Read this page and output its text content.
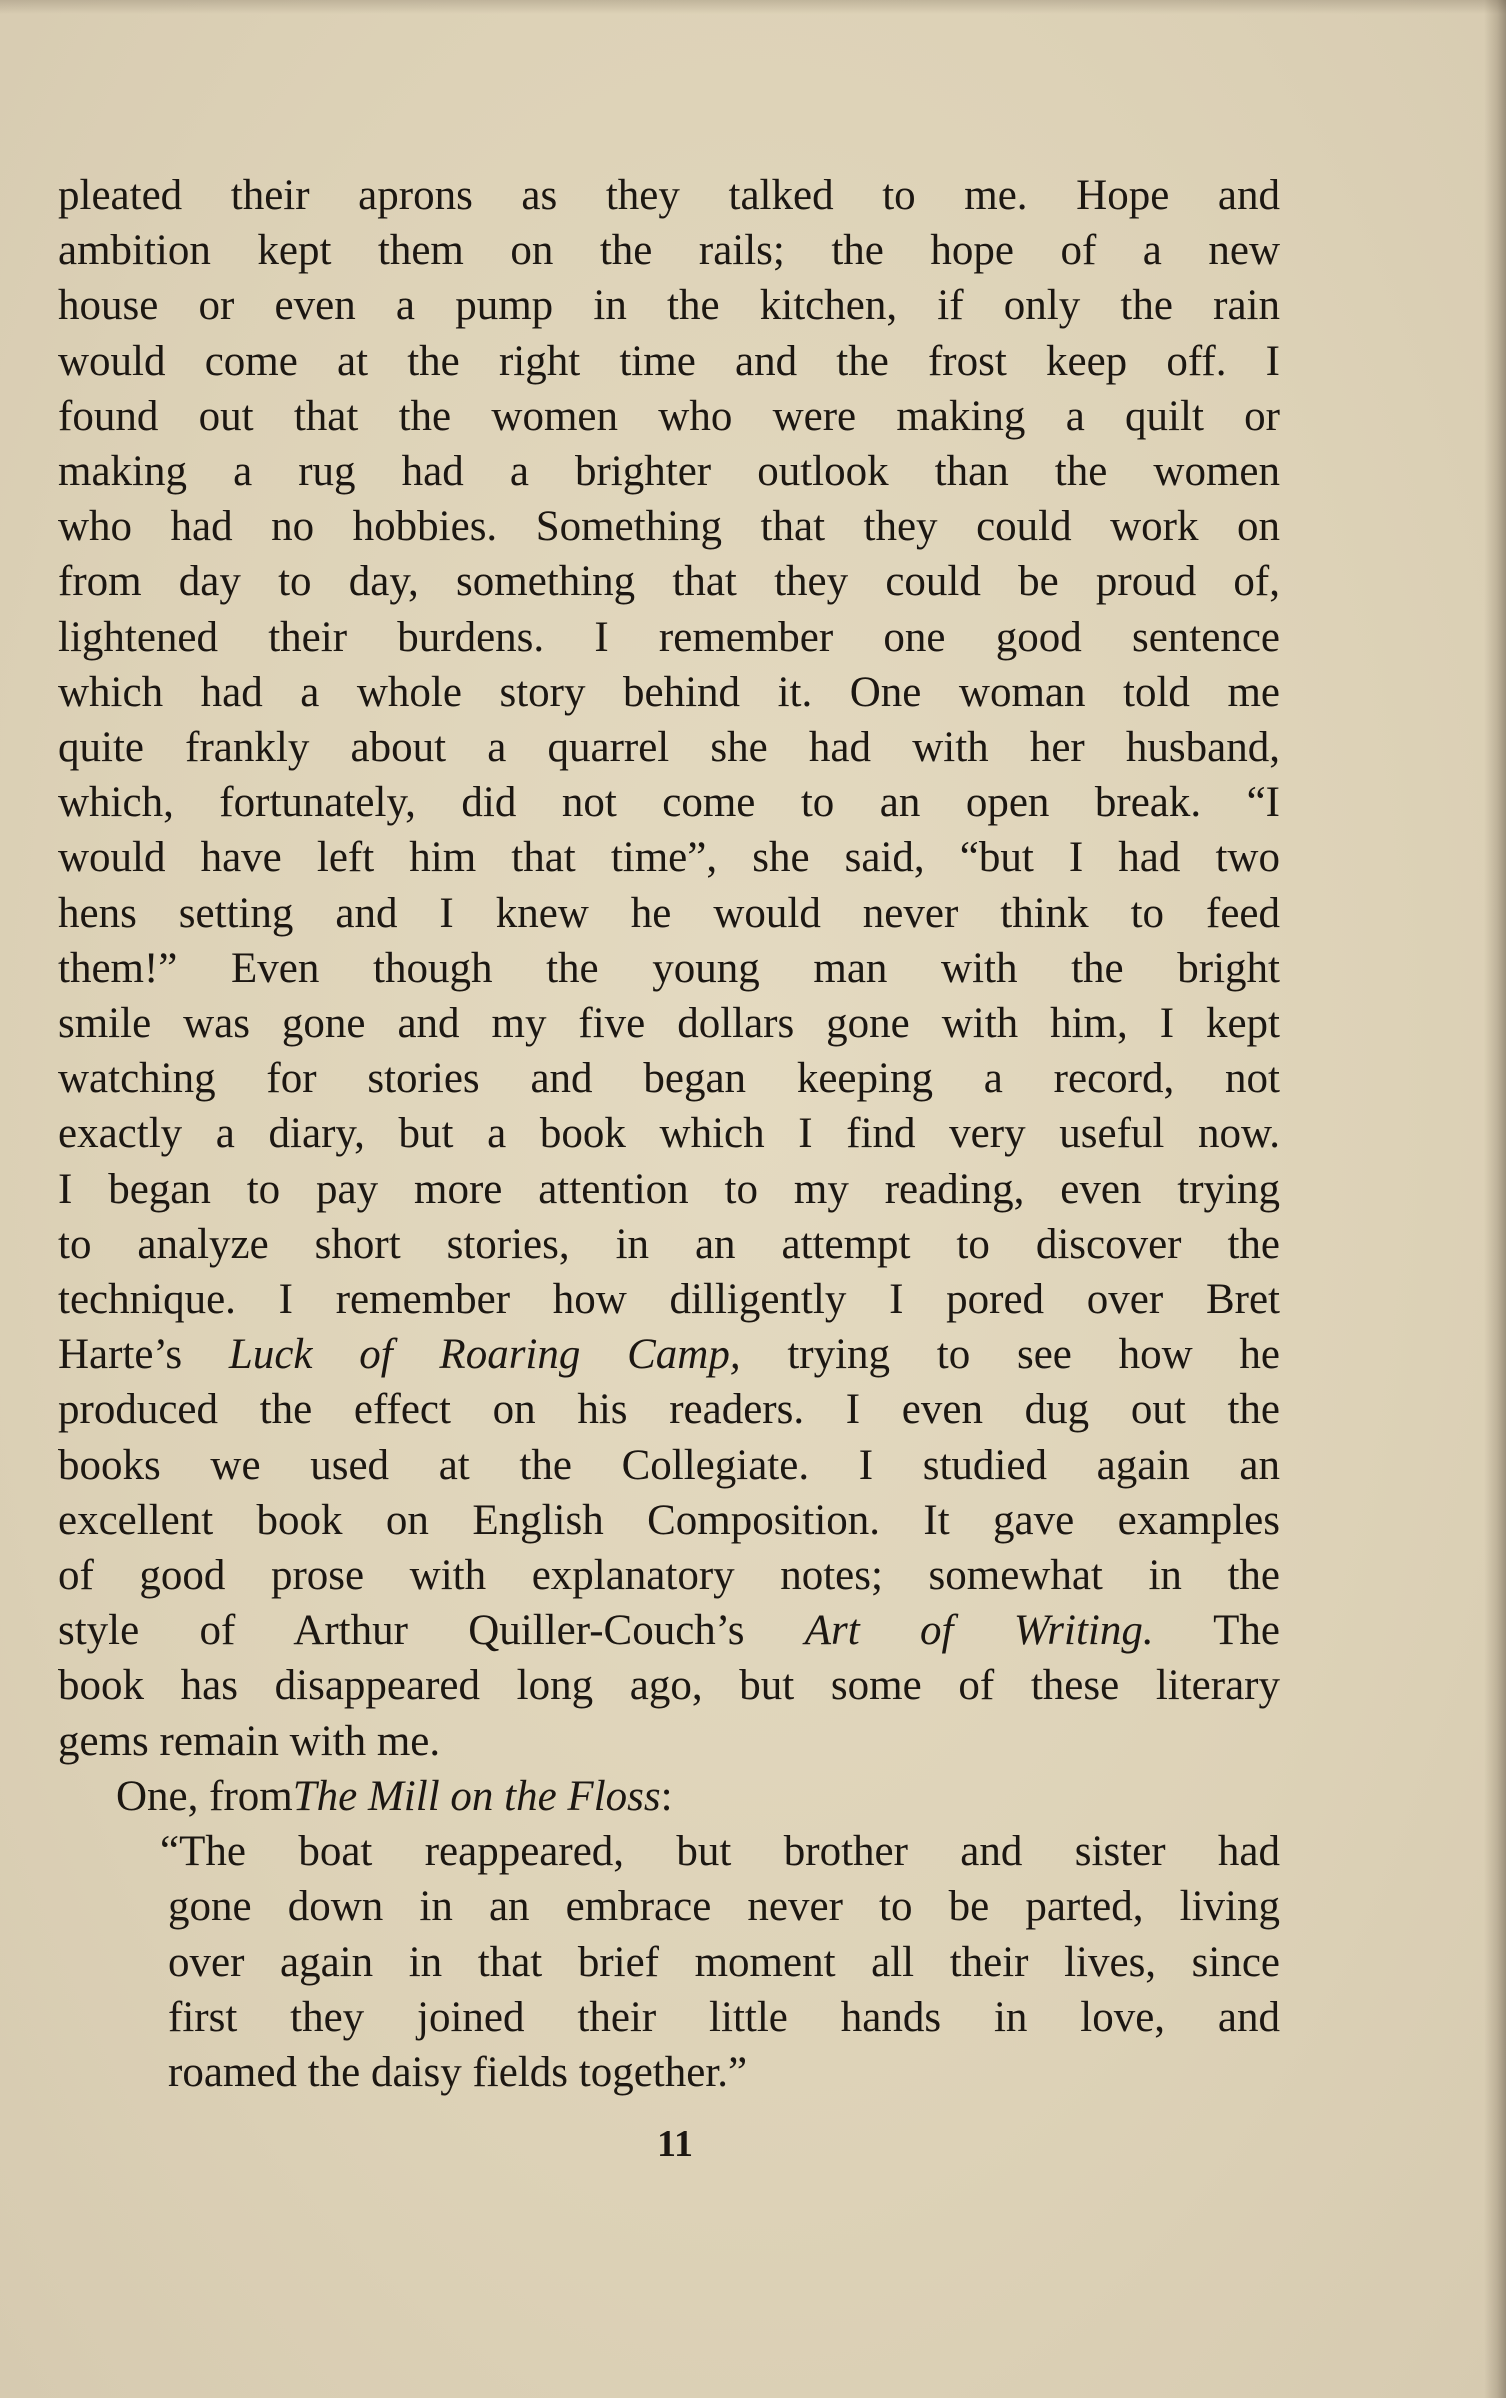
pleated their aprons as they talked to me. Hope and
ambition kept them on the rails; the hope of a new
house or even a pump in the kitchen, if only the rain
would come at the right time and the frost keep off. I
found out that the women who were making a quilt or
making a rug had a brighter outlook than the women
who had no hobbies. Something that they could work on
from day to day, something that they could be proud of,
lightened their burdens. I remember one good sentence
which had a whole story behind it. One woman told me
quite frankly about a quarrel she had with her husband,
which, fortunately, did not come to an open break. “I
would have left him that time”, she said, “but I had two
hens setting and I knew he would never think to feed
them!” Even though the young man with the bright
smile was gone and my five dollars gone with him, I kept
watching for stories and began keeping a record, not
exactly a diary, but a book which I find very useful now.
I began to pay more attention to my reading, even trying
to analyze short stories, in an attempt to discover the
technique. I remember how dilligently I pored over Bret
Harte’s Luck of Roaring Camp, trying to see how he
produced the effect on his readers. I even dug out the
books we used at the Collegiate. I studied again an
excellent book on English Composition. It gave examples
of good prose with explanatory notes; somewhat in the
style of Arthur Quiller-Couch’s Art of Writing. The
book has disappeared long ago, but some of these literary
gems remain with me.
One, fromThe Mill on the Floss:
“The boat reappeared, but brother and sister had
gone down in an embrace never to be parted, living
over again in that brief moment all their lives, since
first they joined their little hands in love, and
roamed the daisy fields together.”
11
